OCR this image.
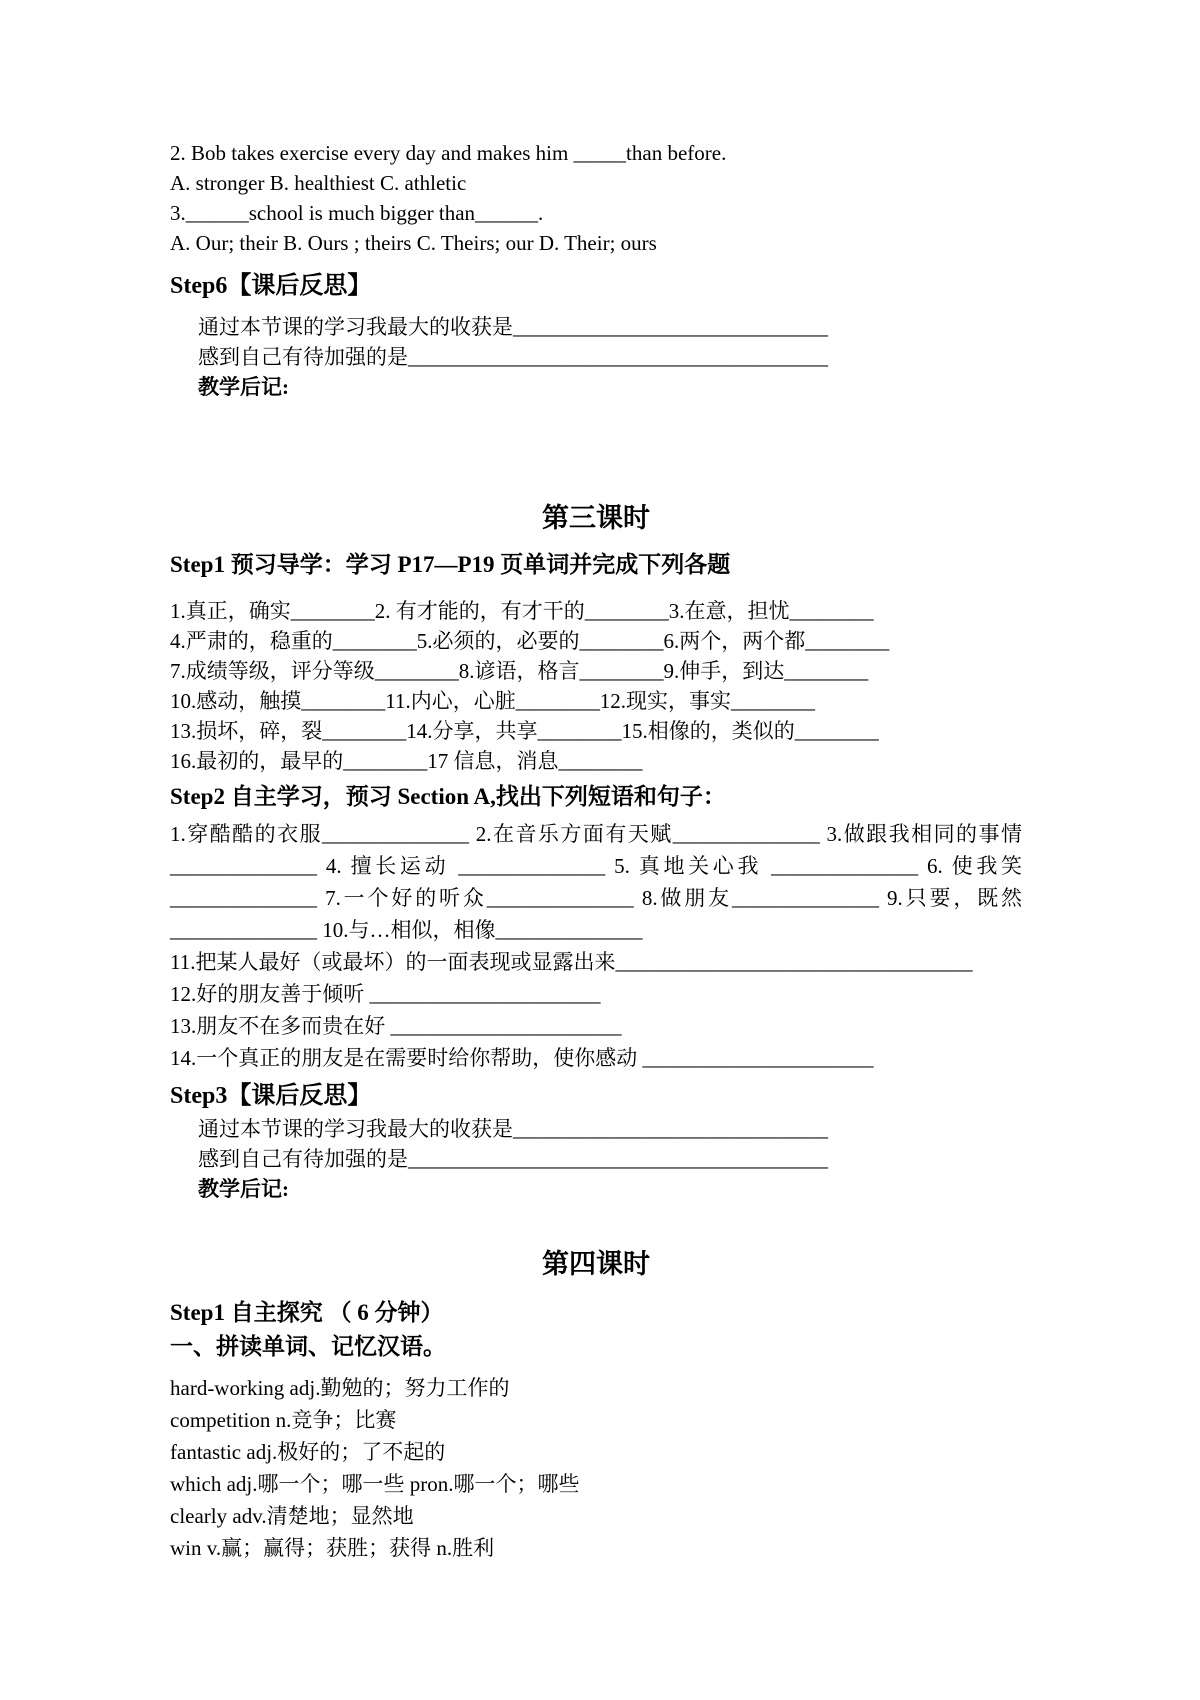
2. Bob takes exercise every day and makes him _____than before.
A. stronger B. healthiest C. athletic
3.______school is much bigger than______.
A. Our; their B. Ours ; theirs C. Theirs; our D. Their; ours
Step6【课后反思】
通过本节课的学习我最大的收获是______________________________
感到自己有待加强的是________________________________________
教学后记:
第三课时
Step1 预习导学：学习 P17—P19 页单词并完成下列各题
1.真正，确实________2. 有才能的，有才干的________3.在意，担忧________
4.严肃的，稳重的________5.必须的，必要的________6.两个，两个都________
7.成绩等级，评分等级________8.谚语，格言________9.伸手，到达________
10.感动，触摸________11.内心，心脏________12.现实，事实________
13.损坏，碎，裂________14.分享，共享________15.相像的，类似的________
16.最初的，最早的________17 信息，消息________
Step2 自主学习，预习 Section A,找出下列短语和句子：
1.穿酷酷的衣服______________ 2.在音乐方面有天赋______________ 3.做跟我相同的事情
______________ 4. 擅长运动 ______________ 5. 真地关心我 ______________ 6. 使我笑
______________ 7.一个好的听众______________ 8.做朋友______________ 9.只要，既然
______________ 10.与…相似，相像______________
11.把某人最好（或最坏）的一面表现或显露出来__________________________________
12.好的朋友善于倾听 ______________________
13.朋友不在多而贵在好 ______________________
14.一个真正的朋友是在需要时给你帮助，使你感动 ______________________
Step3【课后反思】
通过本节课的学习我最大的收获是______________________________
感到自己有待加强的是________________________________________
教学后记:
第四课时
Step1 自主探究 （ 6 分钟）
一、拼读单词、记忆汉语。
hard-working adj.勤勉的；努力工作的
competition n.竞争；比赛
fantastic adj.极好的；了不起的
which adj.哪一个；哪一些 pron.哪一个；哪些
clearly adv.清楚地；显然地
win v.赢；赢得；获胜；获得 n.胜利
